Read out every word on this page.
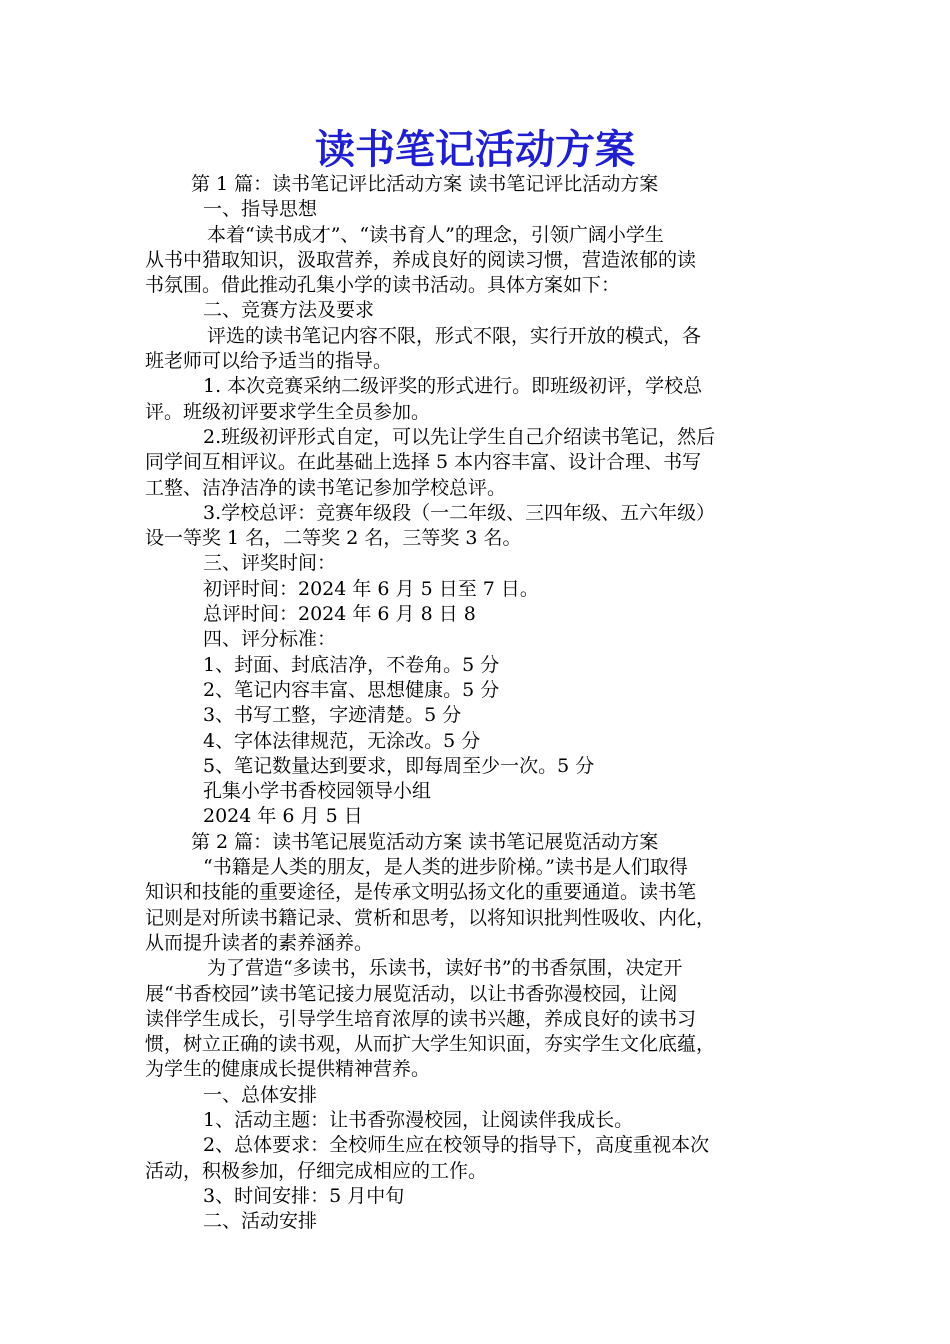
读书笔记活动方案
第 1 篇：读书笔记评比活动方案 读书笔记评比活动方案
一、指导思想
本着“读书成才”、“读书育人”的理念，引领广阔小学生
从书中猎取知识，汲取营养，养成良好的阅读习惯，营造浓郁的读
书氛围。借此推动孔集小学的读书活动。具体方案如下：
二、竞赛方法及要求
评选的读书笔记内容不限，形式不限，实行开放的模式，各
班老师可以给予适当的指导。
1. 本次竞赛采纳二级评奖的形式进行。即班级初评，学校总
评。班级初评要求学生全员参加。
2.班级初评形式自定，可以先让学生自己介绍读书笔记，然后
同学间互相评议。在此基础上选择 5 本内容丰富、设计合理、书写
工整、洁净洁净的读书笔记参加学校总评。
3.学校总评：竞赛年级段（一二年级、三四年级、五六年级）
设一等奖 1 名，二等奖 2 名，三等奖 3 名。
三、评奖时间：
初评时间：2024 年 6 月 5 日至 7 日。
总评时间：2024 年 6 月 8 日 8
四、评分标准：
1、封面、封底洁净，不卷角。5 分
2、笔记内容丰富、思想健康。5 分
3、书写工整，字迹清楚。5 分
4、字体法律规范，无涂改。5 分
5、笔记数量达到要求，即每周至少一次。5 分
孔集小学书香校园领导小组
2024 年 6 月 5 日
第 2 篇：读书笔记展览活动方案 读书笔记展览活动方案
“书籍是人类的朋友，是人类的进步阶梯。”读书是人们取得
知识和技能的重要途径，是传承文明弘扬文化的重要通道。读书笔
记则是对所读书籍记录、赏析和思考，以将知识批判性吸收、内化，
从而提升读者的素养涵养。
为了营造“多读书，乐读书，读好书”的书香氛围，决定开
展“书香校园”读书笔记接力展览活动，以让书香弥漫校园，让阅
读伴学生成长，引导学生培育浓厚的读书兴趣，养成良好的读书习
惯，树立正确的读书观，从而扩大学生知识面，夯实学生文化底蕴，
为学生的健康成长提供精神营养。
一、总体安排
1、活动主题：让书香弥漫校园，让阅读伴我成长。
2、总体要求：全校师生应在校领导的指导下，高度重视本次
活动，积极参加，仔细完成相应的工作。
3、时间安排：5 月中旬
二、活动安排
